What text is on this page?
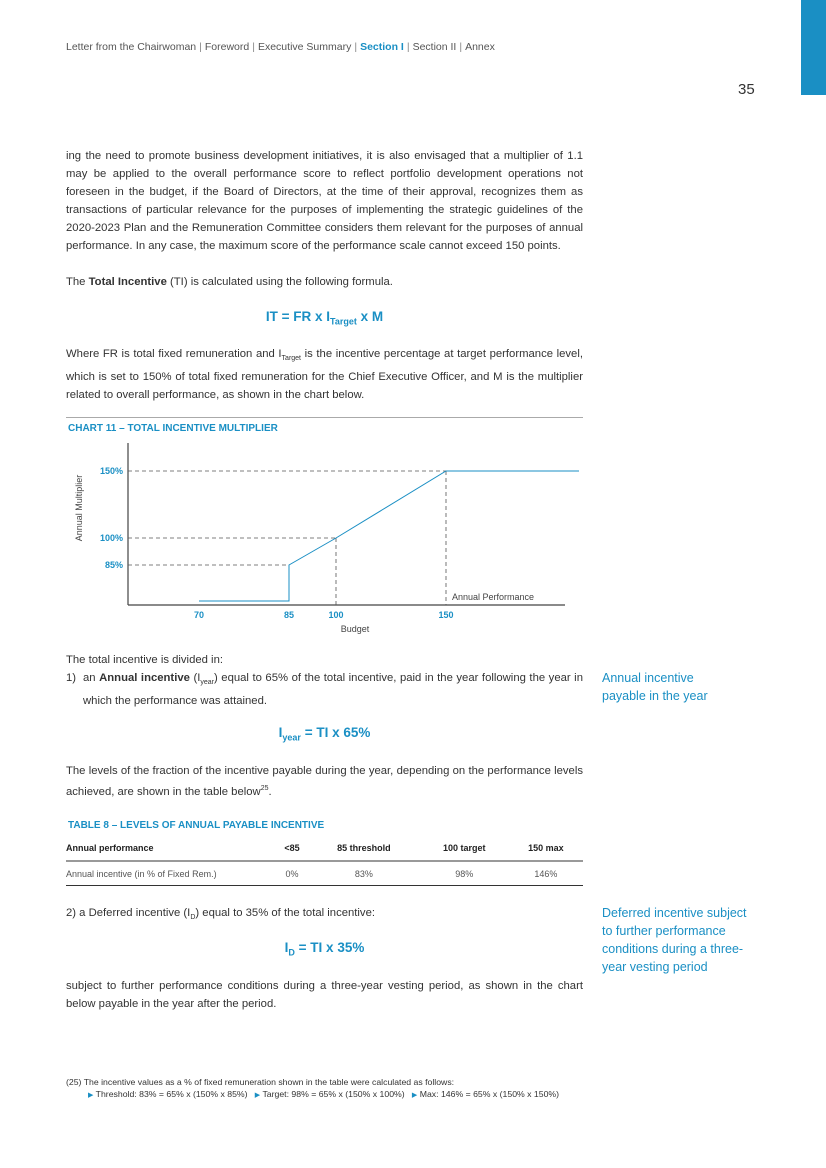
Letter from the Chairwoman | Foreword | Executive Summary | Section I | Section II | Annex
35
ing the need to promote business development initiatives, it is also envisaged that a multiplier of 1.1 may be applied to the overall performance score to reflect portfolio development operations not foreseen in the budget, if the Board of Directors, at the time of their approval, recognizes them as transactions of particular relevance for the purposes of implementing the strategic guidelines of the 2020-2023 Plan and the Remuneration Committee considers them relevant for the purposes of annual performance. In any case, the maximum score of the performance scale cannot exceed 150 points.
The Total Incentive (TI) is calculated using the following formula.
IT = FR x $I_{Target}$ x M
Where FR is total fixed remuneration and $I_{Target}$ is the incentive percentage at target performance level, which is set to 150% of total fixed remuneration for the Chief Executive Officer, and M is the multiplier related to overall performance, as shown in the chart below.
CHART 11 – TOTAL INCENTIVE MULTIPLIER
70	85	100	150
150%
100%
85%
Budget
Annual Performance
Annual Multiplier
The total incentive is divided in:
1) an Annual incentive $(I_{year})$ equal to 65% of the total incentive, paid in the year following the year in which the performance was attained.
Annual incentive payable in the year
$I_{year}$ = TI x 65%
The levels of the fraction of the incentive payable during the year, depending on the performance levels achieved, are shown in the table below$^{25}$.
TABLE 8 – LEVELS OF ANNUAL PAYABLE INCENTIVE
Annual performance	<85	85 threshold	100 target	150 max
Annual incentive (in % of Fixed Rem.)	0%	83%	98%	146%
2) a Deferred incentive $(I_D)$ equal to 35% of the total incentive:	Deferred incentive subject to further performance conditions during a three-year vesting period
$I_D$ = TI x 35%
subject to further performance conditions during a three-year vesting period, as shown in the chart below payable in the year after the period.
(25) The incentive values as a % of fixed remuneration shown in the table were calculated as follows:
▶ Threshold: 83% = 65% x (150% x 85%) ▶ Target: 98% = 65% x (150% x 100%) ▶ Max: 146% = 65% x (150% x 150%)
